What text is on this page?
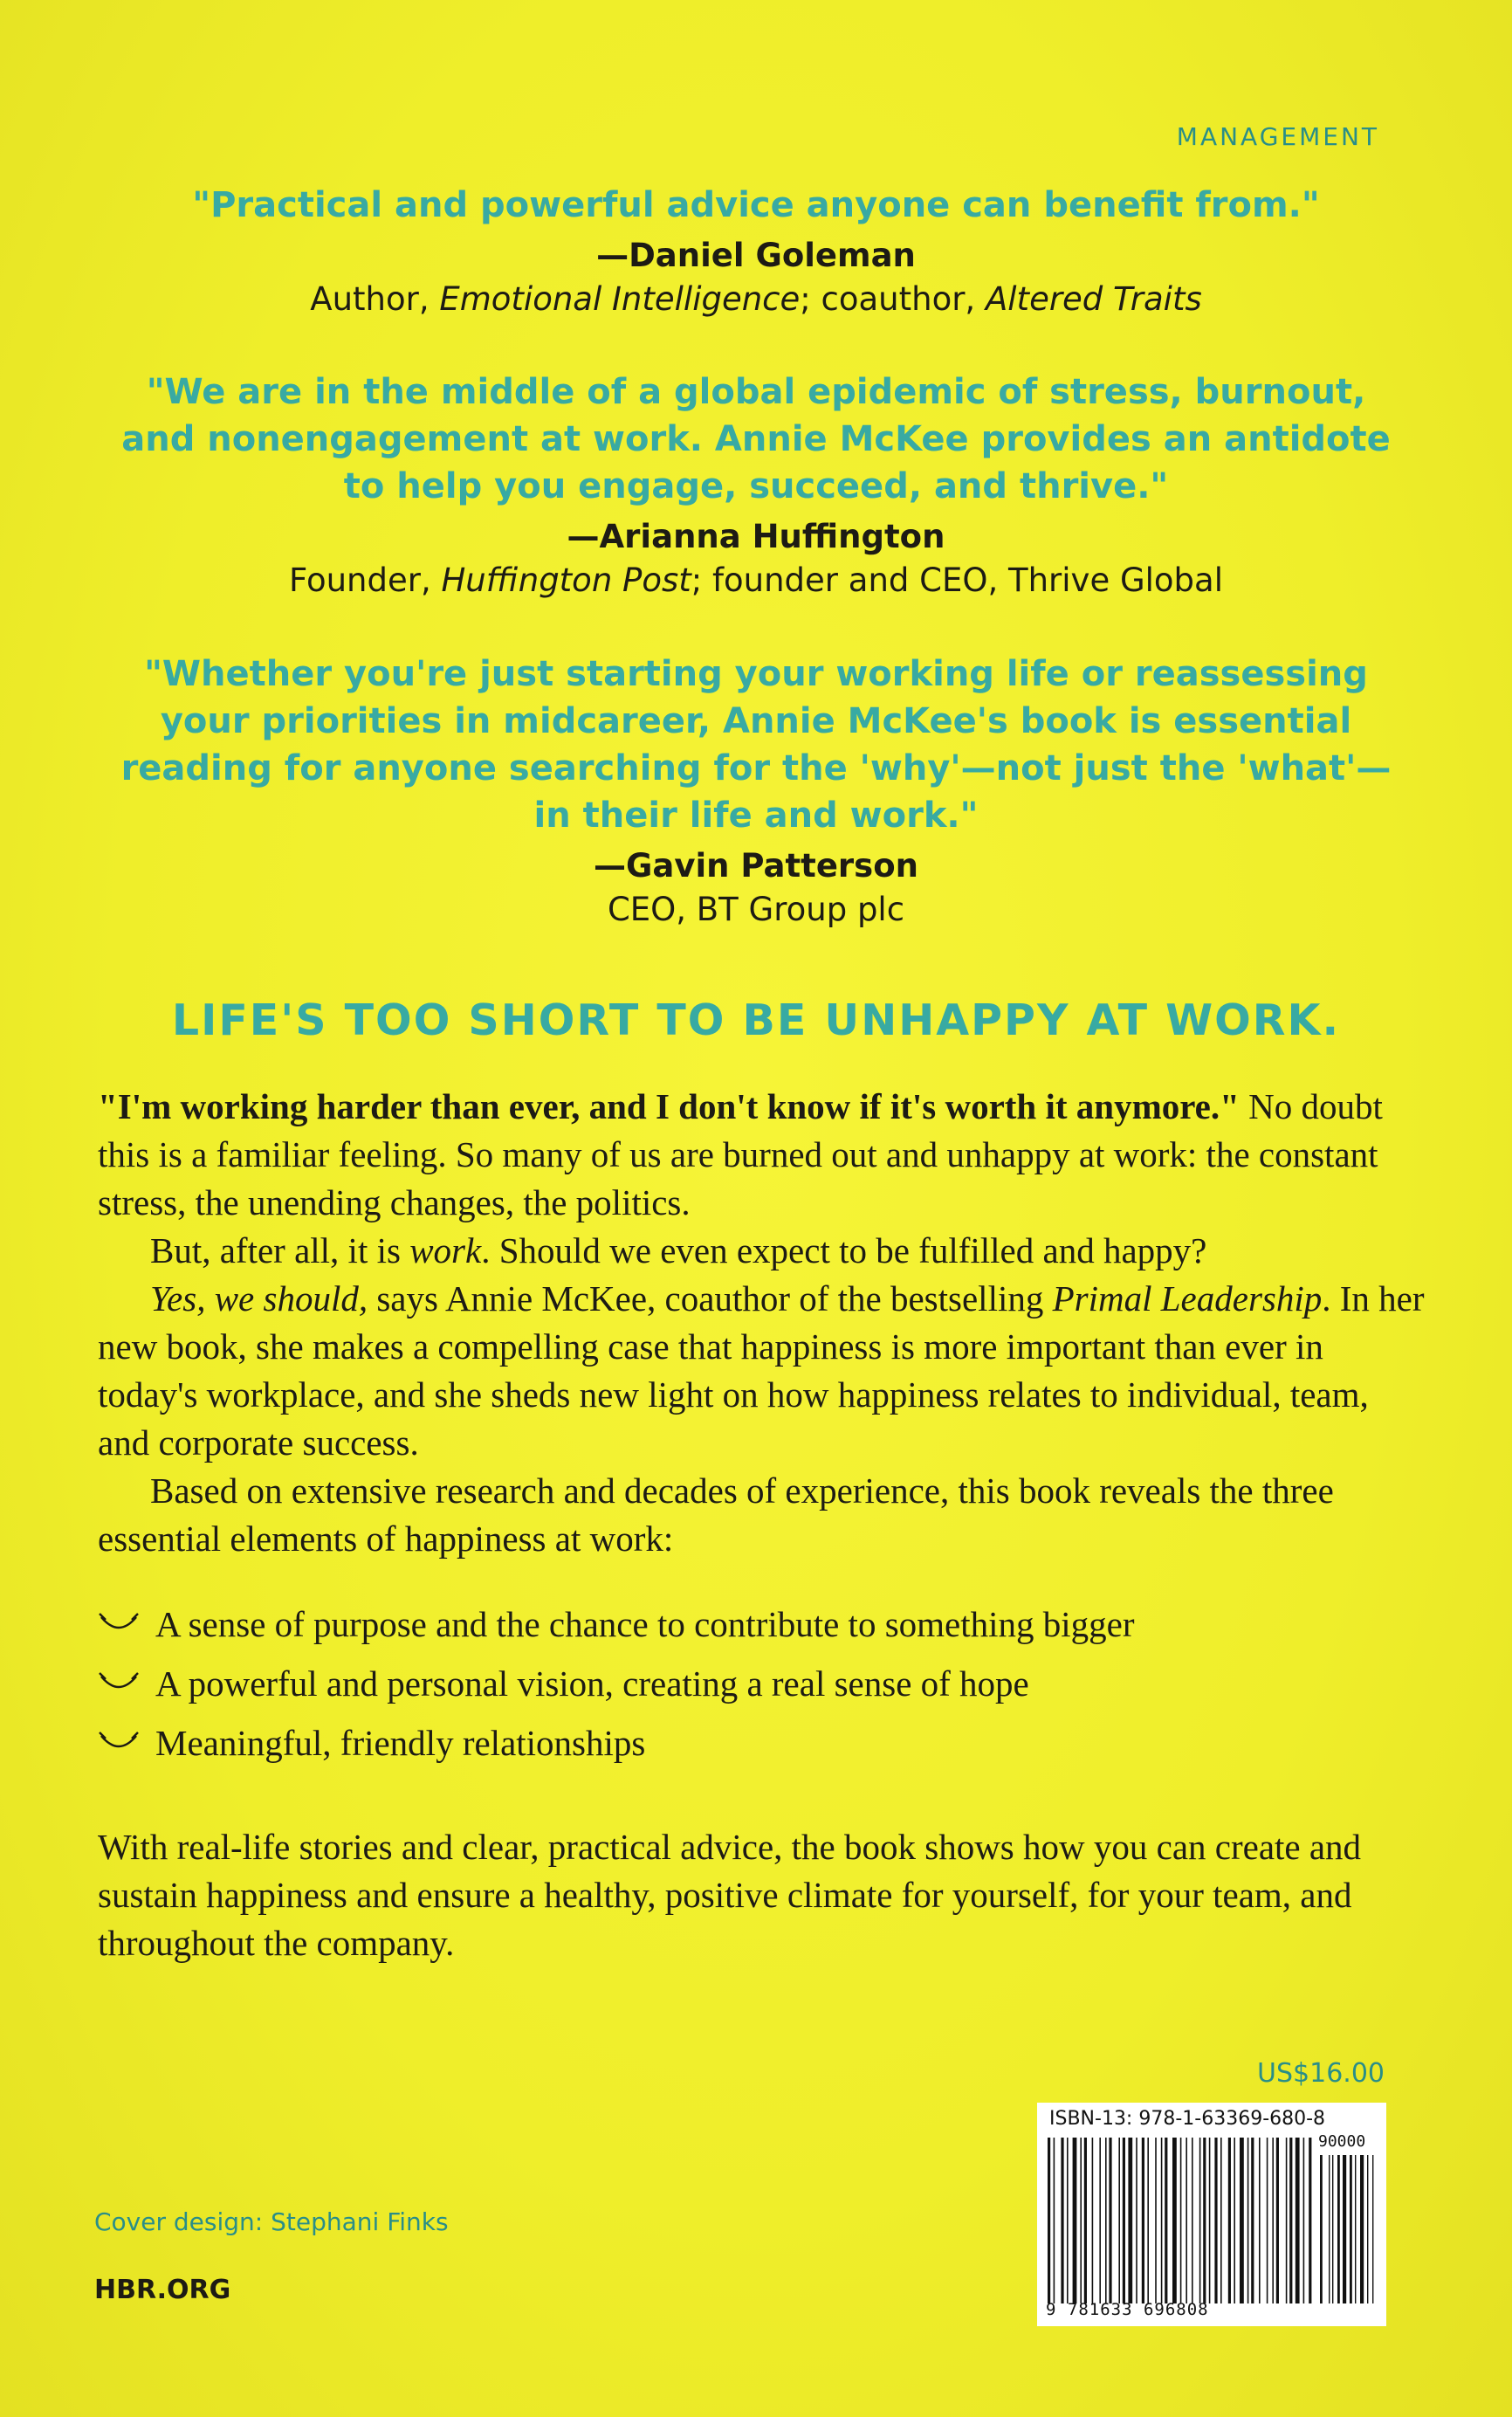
MANAGEMENT

"Practical and powerful advice anyone can benefit from."

—Daniel Goleman

Author, Emotional Intelligence; coauthor, Altered Traits

"We are in the middle of a global epidemic of stress, burnout,
and nonengagement at work. Annie McKee provides an antidote
to help you engage, succeed, and thrive."

—Arianna Huffington

Founder, Huffington Post; founder and CEO, Thrive Global

"Whether you're just starting your working life or reassessing
your priorities in midcareer, Annie McKee's book is essential
reading for anyone searching for the 'why'—not just the 'what'—
in their life and work."

—Gavin Patterson

CEO, BT Group plc

LIFE'S TOO SHORT TO BE UNHAPPY AT WORK.

"I'm working harder than ever, and I don't know if it's worth it anymore." No doubt this is a familiar feeling. So many of us are burned out and unhappy at work: the constant stress, the unending changes, the politics.

But, after all, it is work. Should we even expect to be fulfilled and happy?

Yes, we should, says Annie McKee, coauthor of the bestselling Primal Leadership. In her new book, she makes a compelling case that happiness is more important than ever in today's workplace, and she sheds new light on how happiness relates to individual, team, and corporate success.

Based on extensive research and decades of experience, this book reveals the three essential elements of happiness at work:

A sense of purpose and the chance to contribute to something bigger
A powerful and personal vision, creating a real sense of hope
Meaningful, friendly relationships

With real-life stories and clear, practical advice, the book shows how you can create and sustain happiness and ensure a healthy, positive climate for yourself, for your team, and throughout the company.

US$16.00
ISBN-13: 978-1-63369-680-8
90000
9 781633 696808
Cover design: Stephani Finks
HBR.ORG
